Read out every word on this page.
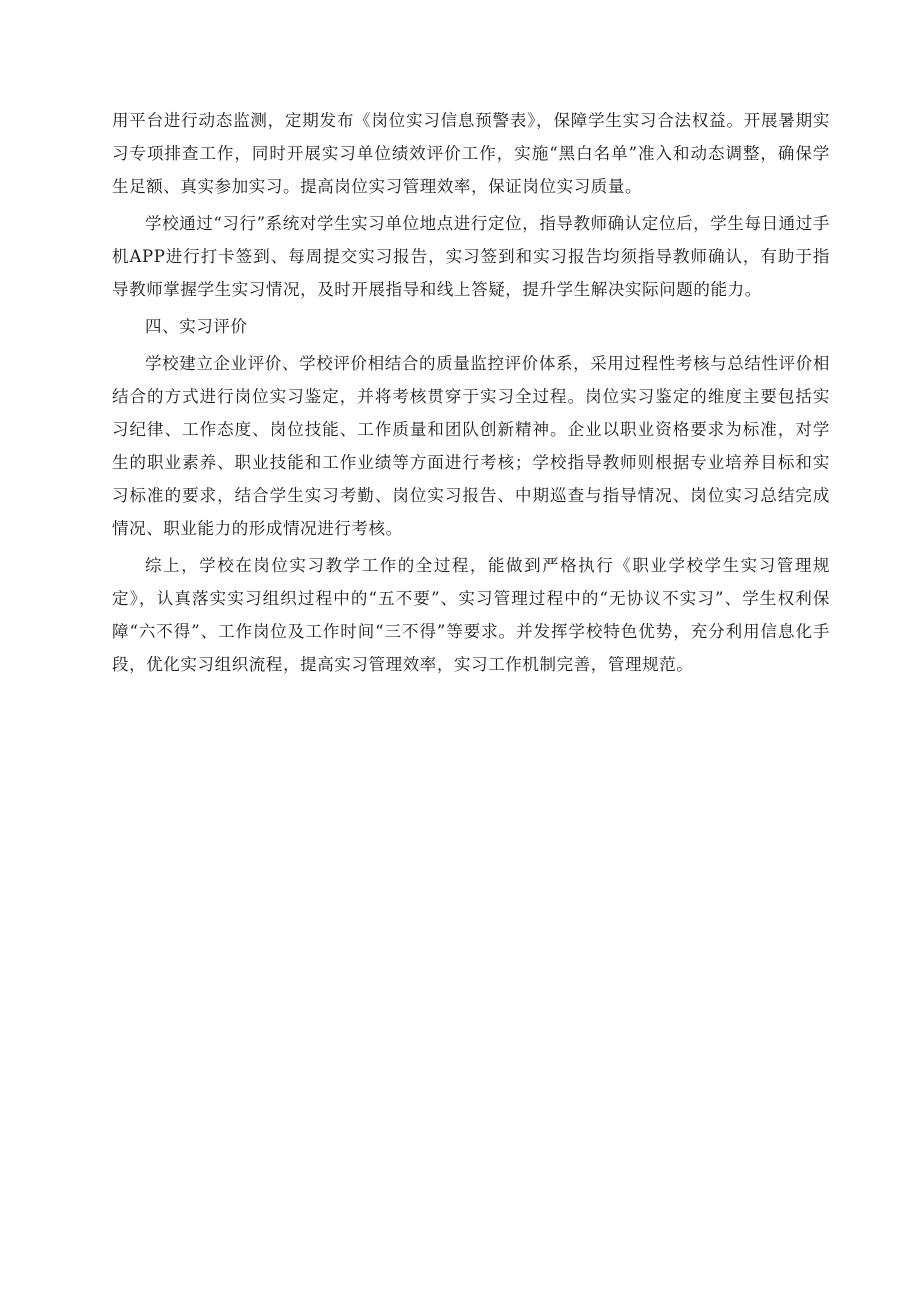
用平台进行动态监测，定期发布《岗位实习信息预警表》，保障学生实习合法权益。开展暑期实习专项排查工作，同时开展实习单位绩效评价工作，实施“黑白名单”准入和动态调整，确保学生足额、真实参加实习。提高岗位实习管理效率，保证岗位实习质量。

学校通过“习行”系统对学生实习单位地点进行定位，指导教师确认定位后，学生每日通过手机APP进行打卡签到、每周提交实习报告，实习签到和实习报告均须指导教师确认，有助于指导教师掌握学生实习情况，及时开展指导和线上答疑，提升学生解决实际问题的能力。

四、实习评价

学校建立企业评价、学校评价相结合的质量监控评价体系，采用过程性考核与总结性评价相结合的方式进行岗位实习鉴定，并将考核贯穿于实习全过程。岗位实习鉴定的维度主要包括实习纪律、工作态度、岗位技能、工作质量和团队创新精神。企业以职业资格要求为标准，对学生的职业素养、职业技能和工作业绩等方面进行考核；学校指导教师则根据专业培养目标和实习标准的要求，结合学生实习考勤、岗位实习报告、中期巡查与指导情况、岗位实习总结完成情况、职业能力的形成情况进行考核。

综上，学校在岗位实习教学工作的全过程，能做到严格执行《职业学校学生实习管理规定》，认真落实实习组织过程中的“五不要”、实习管理过程中的“无协议不实习”、学生权利保障“六不得”、工作岗位及工作时间“三不得”等要求。并发挥学校特色优势，充分利用信息化手段，优化实习组织流程，提高实习管理效率，实习工作机制完善，管理规范。
